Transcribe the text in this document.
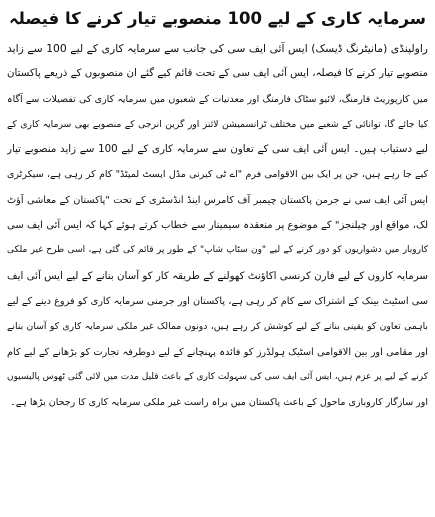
سرمایہ کاری کے لیے 100 منصوبے تیار کرنے کا فیصلہ
راولپنڈی (مانیٹرنگ ڈیسک) ایس آئی ایف سی کی جانب سے سرمایہ کاری کے لیے 100 سے زاید
منصوبے تیار کرنے کا فیصلہ، ایس آئی ایف سی کے تحت قائم کیے گئے ان منصوبوں کے ذریعے پاکستان
میں کارپوریٹ فارمنگ، لائیو سٹاک فارمنگ اور معدنیات کے شعبوں میں سرمایہ کاری کی تفصیلات سے آگاہ
کیا جائے گا، توانائی کے شعبے میں مختلف ٹرانسمیشن لائنز اور گرین انرجی کے منصوبے بھی سرمایہ کاری کے
لیے دستیاب ہیں۔ ایس آئی ایف سی کے تعاون سے سرمایہ کاری کے لیے 100 سے زاید منصوبے تیار
کیے جا رہے ہیں، جن پر ایک بین الاقوامی فرم "اے ٹی کیرنی مڈل ایسٹ لمیٹڈ" کام کر رہی ہے، سیکرٹری
ایس آئی ایف سی نے جرمن پاکستان چیمبر آف کامرس اینڈ انڈسٹری کے تحت "پاکستان کے معاشی آؤٹ
لک، مواقع اور چیلنجز" کے موضوع پر منعقدہ سیمینار سے خطاب کرتے ہوئے کہا کہ ایس آئی ایف سی
کاروبار میں دشواریوں کو دور کرنے کے لیے "ون سٹاپ شاپ" کے طور پر قائم کی گئی ہے، اسی طرح غیر ملکی
سرمایہ کاروں کے لیے فارن کرنسی اکاؤنٹ کھولنے کے طریقہ کار کو آسان بنانے کے لیے ایس آئی ایف
سی اسٹیٹ بینک کے اشتراک سے کام کر رہی ہے، پاکستان اور جرمنی سرمایہ کاری کو فروغ دینے کے لیے
باہمی تعاون کو یقینی بنانے کے لیے کوشش کر رہے ہیں، دونوں ممالک غیر ملکی سرمایہ کاری کو آسان بنانے
اور مقامی اور بین الاقوامی اسٹیک ہولڈرز کو فائدہ پہنچانے کے لیے دوطرفہ تجارت کو بڑھانے کے لیے کام
کرنے کے لیے پر عزم ہیں، ایس آئی ایف سی کی سہولت کاری کے باعث قلیل مدت میں لائی گئی ٹھوس پالیسیوں
اور سازگار کاروباری ماحول کے باعث پاکستان میں براہ راست غیر ملکی سرمایہ کاری کا رجحان بڑھا ہے۔
